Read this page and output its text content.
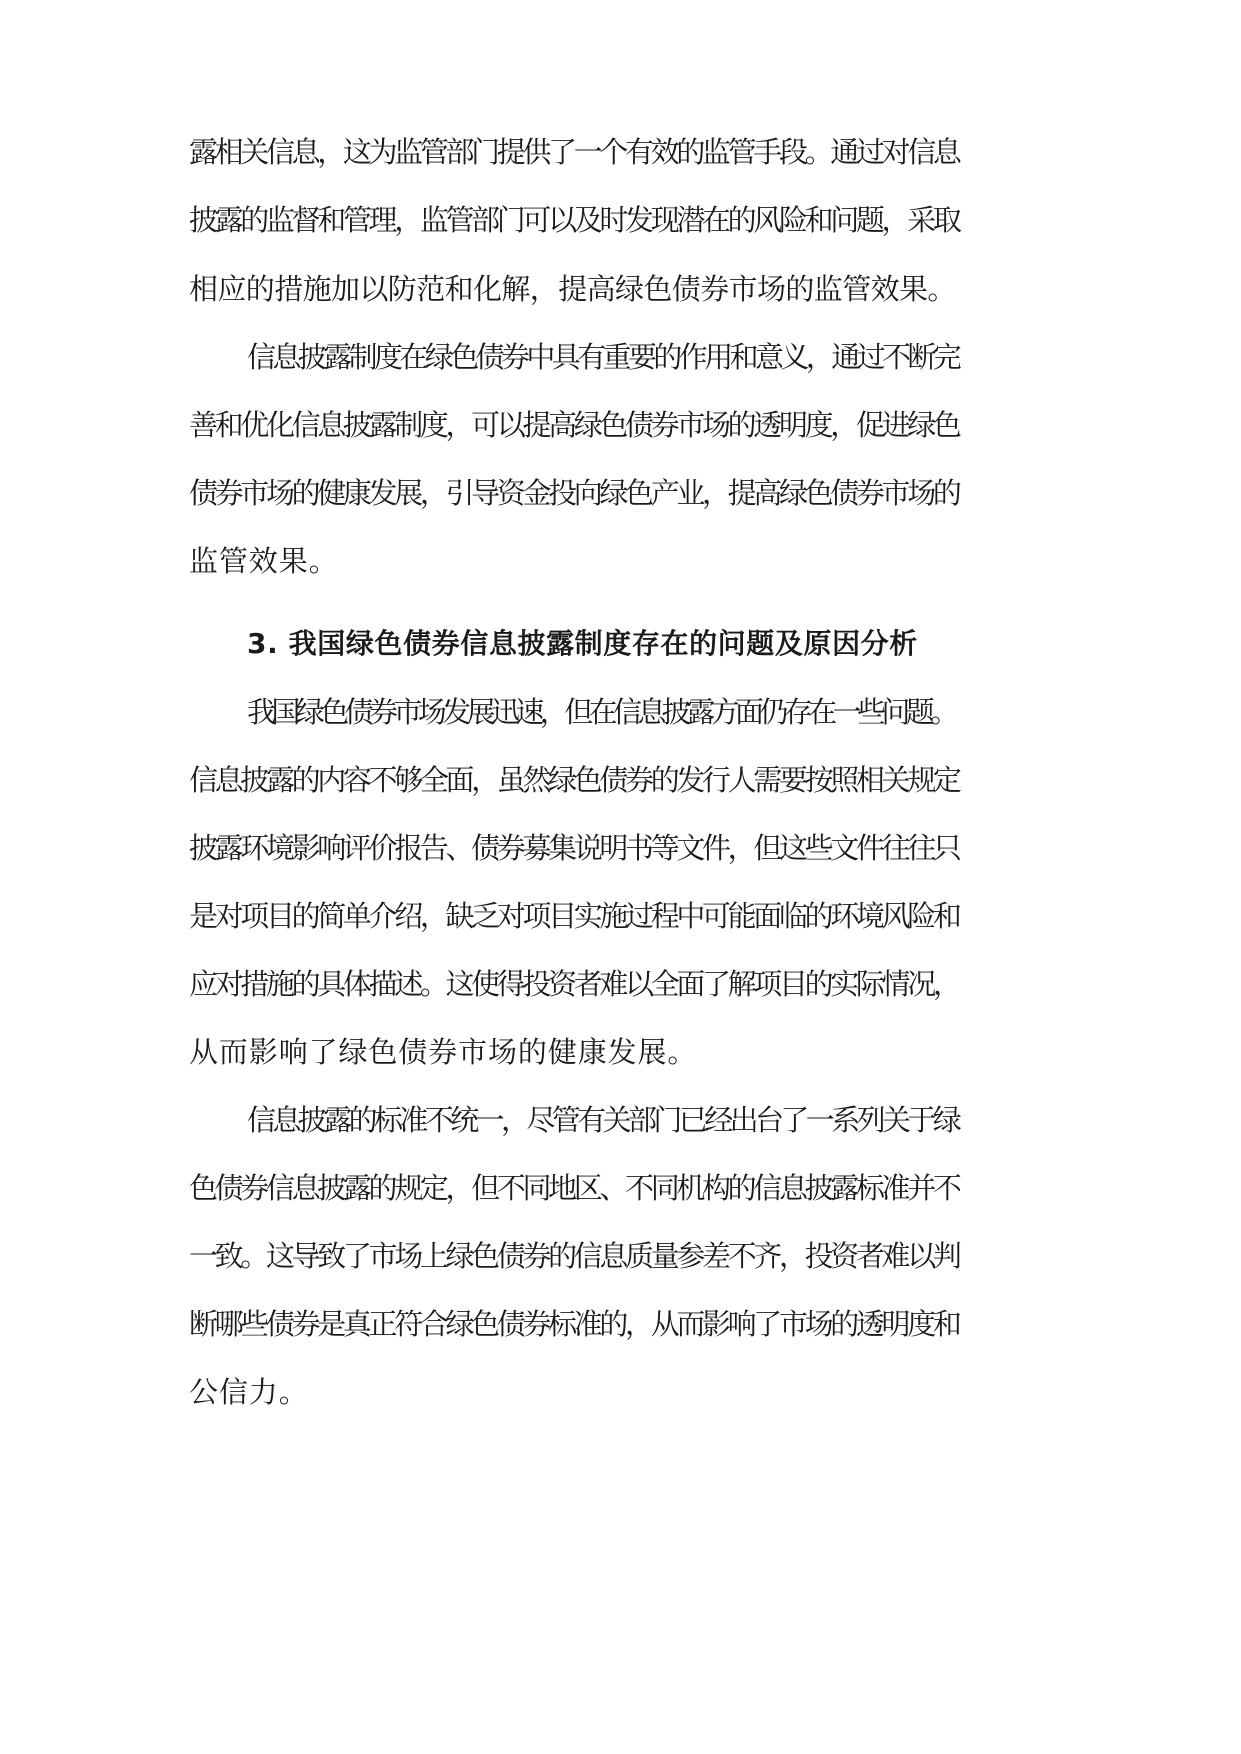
露相关信息，这为监管部门提供了一个有效的监管手段。通过对信息
披露的监督和管理，监管部门可以及时发现潜在的风险和问题，采取
相应的措施加以防范和化解，提高绿色债券市场的监管效果。
信息披露制度在绿色债券中具有重要的作用和意义，通过不断完
善和优化信息披露制度，可以提高绿色债券市场的透明度，促进绿色
债券市场的健康发展，引导资金投向绿色产业，提高绿色债券市场的
监管效果。
3. 我国绿色债券信息披露制度存在的问题及原因分析
我国绿色债券市场发展迅速，但在信息披露方面仍存在一些问题。
信息披露的内容不够全面，虽然绿色债券的发行人需要按照相关规定
披露环境影响评价报告、债券募集说明书等文件，但这些文件往往只
是对项目的简单介绍，缺乏对项目实施过程中可能面临的环境风险和
应对措施的具体描述。这使得投资者难以全面了解项目的实际情况，
从而影响了绿色债券市场的健康发展。
信息披露的标准不统一，尽管有关部门已经出台了一系列关于绿
色债券信息披露的规定，但不同地区、不同机构的信息披露标准并不
一致。这导致了市场上绿色债券的信息质量参差不齐，投资者难以判
断哪些债券是真正符合绿色债券标准的，从而影响了市场的透明度和
公信力。
